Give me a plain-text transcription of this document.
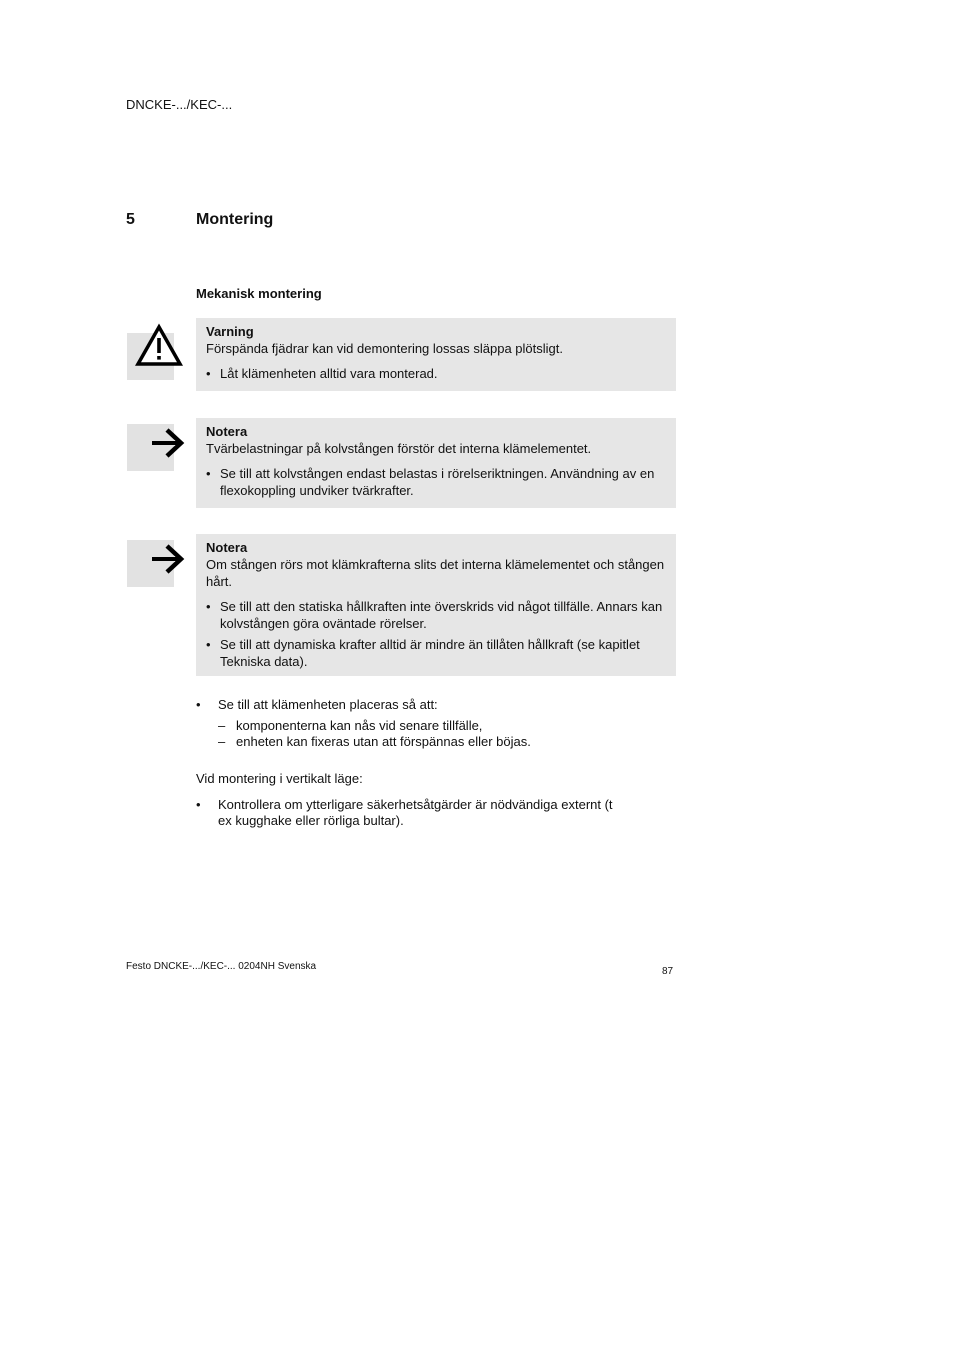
DNCKE-.../KEC-...
5	Montering
Mekanisk montering
Varning
Förspända fjädrar kan vid demontering lossas släppa plötsligt.
• Låt klämenheten alltid vara monterad.
Notera
Tvärbelastningar på kolvstången förstör det interna klämelementet.
• Se till att kolvstången endast belastas i rörelseriktningen. Användning av en flexokoppling undviker tvärkrafter.
Notera
Om stången rörs mot klämkrafterna slits det interna klämelementet och stången hårt.
• Se till att den statiska hållkraften inte överskrids vid något tillfälle. Annars kan kolvstången göra oväntade rörelser.
• Se till att dynamiska krafter alltid är mindre än tillåten hållkraft (se kapitlet Tekniska data).
• Se till att klämenheten placeras så att:
– komponenterna kan nås vid senare tillfälle,
– enheten kan fixeras utan att förspännas eller böjas.
Vid montering i vertikalt läge:
• Kontrollera om ytterligare säkerhetsåtgärder är nödvändiga externt (t ex kugghake eller rörliga bultar).
Festo DNCKE-.../KEC-... 0204NH Svenska	87
